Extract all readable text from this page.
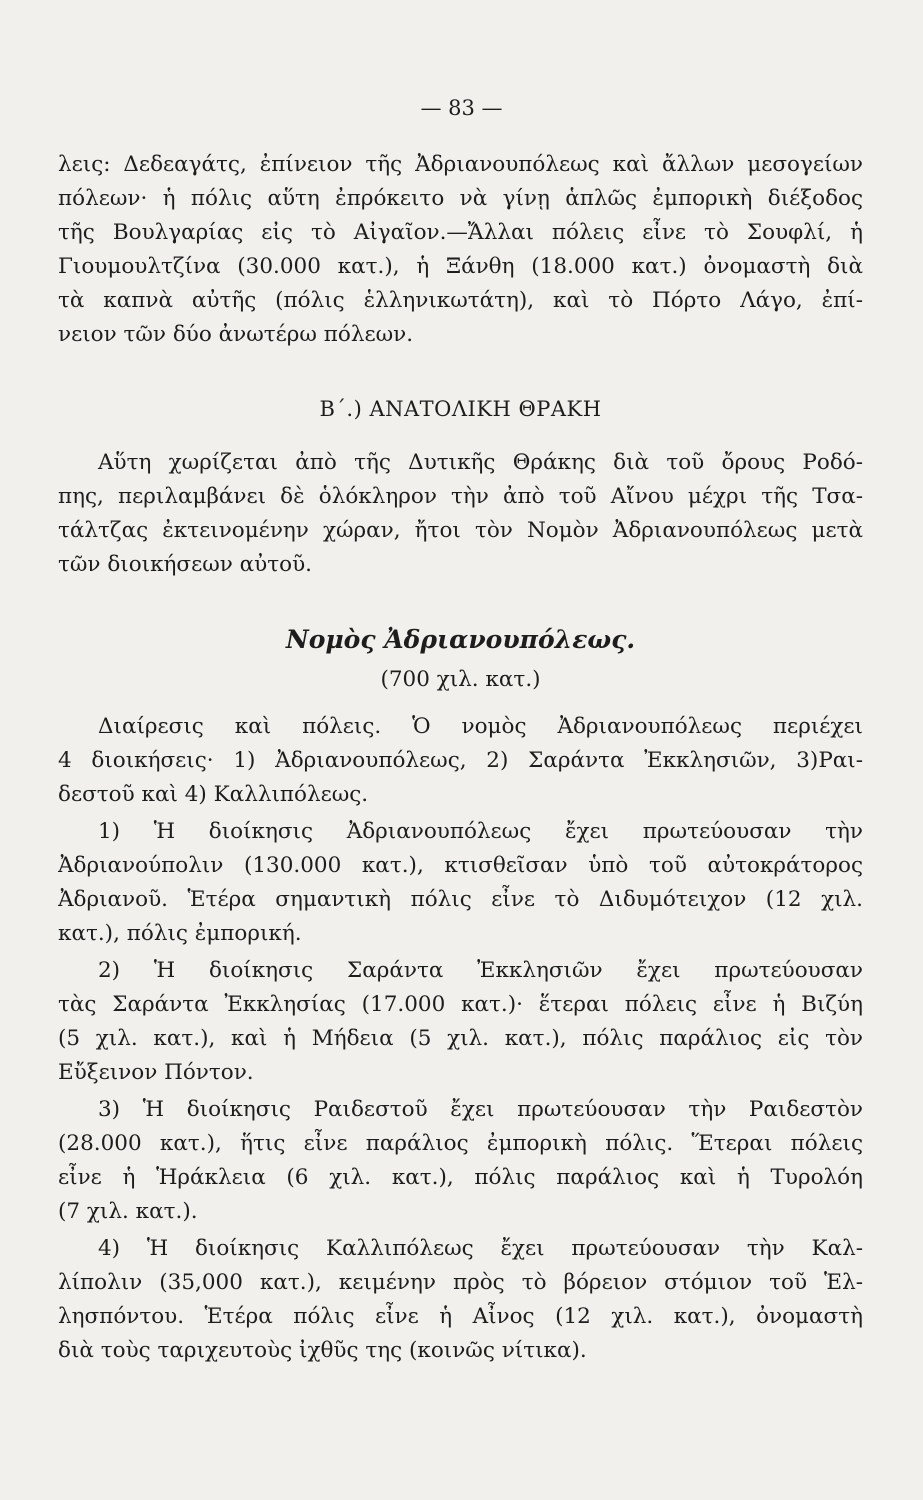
— 83 —
λεις: Δεδεαγάτς, ἐπίνειον τῆς Ἀδριανουπόλεως καὶ ἄλλων μεσογείων
πόλεων· ἡ πόλις αὕτη ἐπρόκειτο νὰ γίνῃ ἁπλῶς ἐμπορικὴ διέξοδος
τῆς Βουλγαρίας εἰς τὸ Αἰγαῖον.—Ἄλλαι πόλεις εἶνε τὸ Σουφλί, ἡ
Γιουμουλτζίνα (30.000 κατ.), ἡ Ξάνθη (18.000 κατ.) ὀνομαστὴ διὰ
τὰ καπνὰ αὐτῆς (πόλις ἑλληνικωτάτη), καὶ τὸ Πόρτο Λάγο, ἐπί-
νειον τῶν δύο ἀνωτέρω πόλεων.
Β΄.) ΑΝΑΤΟΛΙΚΗ ΘΡΑΚΗ
Αὕτη χωρίζεται ἀπὸ τῆς Δυτικῆς Θράκης διὰ τοῦ ὄρους Ροδό-
πης, περιλαμβάνει δὲ ὁλόκληρον τὴν ἀπὸ τοῦ Αἴνου μέχρι τῆς Τσα-
τάλτζας ἐκτεινομένην χώραν, ἤτοι τὸν Νομὸν Ἀδριανουπόλεως μετὰ
τῶν διοικήσεων αὐτοῦ.
Νομὸς Ἀδριανουπόλεως.
(700 χιλ. κατ.)
Διαίρεσις καὶ πόλεις. Ὁ νομὸς Ἀδριανουπόλεως περιέχει
4 διοικήσεις· 1) Ἀδριανουπόλεως, 2) Σαράντα Ἐκκλησιῶν, 3)Ραι-
δεστοῦ καὶ 4) Καλλιπόλεως.
1) Ἡ διοίκησις Ἀδριανουπόλεως ἔχει πρωτεύουσαν τὴν
Ἀδριανούπολιν (130.000 κατ.), κτισθεῖσαν ὑπὸ τοῦ αὐτοκράτορος
Ἀδριανοῦ. Ἑτέρα σημαντικὴ πόλις εἶνε τὸ Διδυμότειχον (12 χιλ.
κατ.), πόλις ἐμπορική.
2) Ἡ διοίκησις Σαράντα Ἐκκλησιῶν ἔχει πρωτεύουσαν
τὰς Σαράντα Ἐκκλησίας (17.000 κατ.)· ἕτεραι πόλεις εἶνε ἡ Βιζύη
(5 χιλ. κατ.), καὶ ἡ Μήδεια (5 χιλ. κατ.), πόλις παράλιος εἰς τὸν
Εὔξεινον Πόντον.
3) Ἡ διοίκησις Ραιδεστοῦ ἔχει πρωτεύουσαν τὴν Ραιδεστὸν
(28.000 κατ.), ἥτις εἶνε παράλιος ἐμπορικὴ πόλις. Ἕτεραι πόλεις
εἶνε ἡ Ἡράκλεια (6 χιλ. κατ.), πόλις παράλιος καὶ ἡ Τυρολόη
(7 χιλ. κατ.).
4) Ἡ διοίκησις Καλλιπόλεως ἔχει πρωτεύουσαν τὴν Καλ-
λίπολιν (35,000 κατ.), κειμένην πρὸς τὸ βόρειον στόμιον τοῦ Ἑλ-
λησπόντου. Ἑτέρα πόλις εἶνε ἡ Αἶνος (12 χιλ. κατ.), ὀνομαστὴ
διὰ τοὺς ταριχευτοὺς ἰχθῦς της (κοινῶς νίτικα).
